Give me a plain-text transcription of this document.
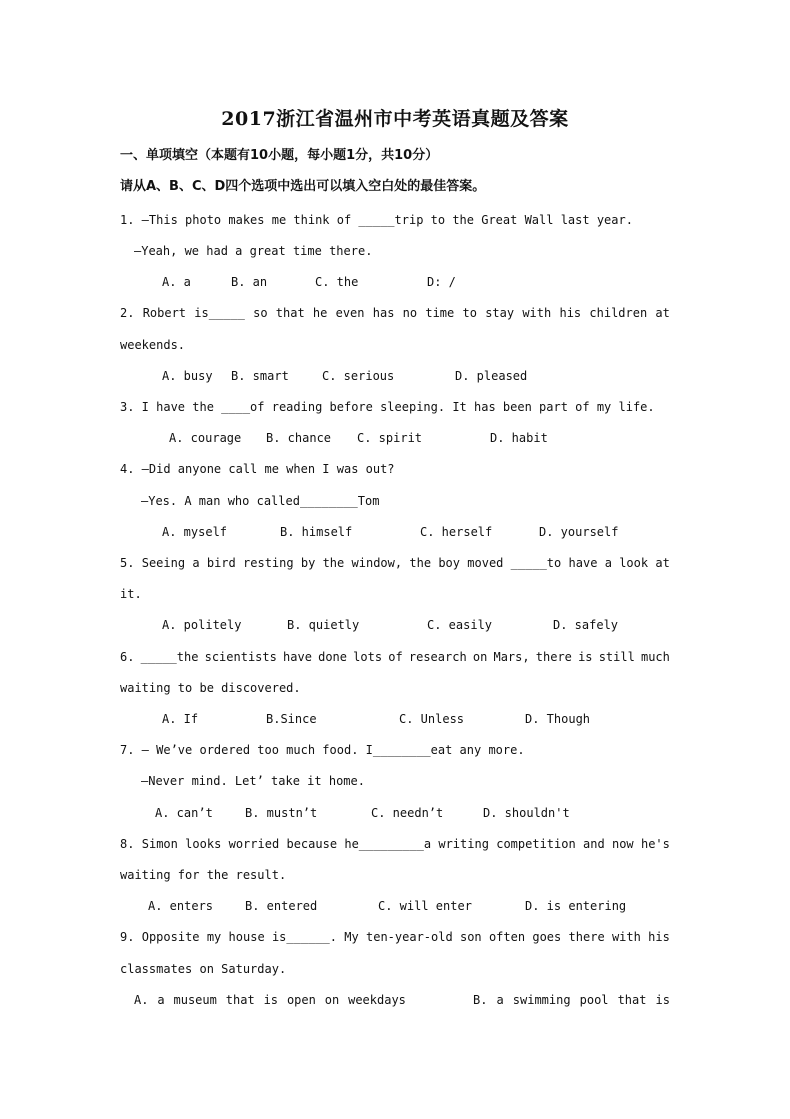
2017浙江省温州市中考英语真题及答案
一、单项填空（本题有10小题，每小题1分，共10分）
请从A、B、C、D四个选项中选出可以填入空白处的最佳答案。
1. —This photo makes me think of _____trip to the Great Wall last year.
—Yeah, we had a great time there.
A. a	B. an	C. the	D: /
2. Robert is_____ so that he even has no time to stay with his children at
weekends.
A. busy B. smart	C. serious	D. pleased
3. I have the ____of reading before sleeping. It has been part of my life.
A. courage B. chance C. spirit	D. habit
4. —Did anyone call me when I was out?
—Yes. A man who called________Tom
A. myself	B. himself	C. herself	D. yourself
5. Seeing a bird resting by the window, the boy moved _____to have a look at
it.
A. politely	B. quietly	C. easily	D. safely
6. _____the scientists have done lots of research on Mars, there is still much
waiting to be discovered.
A. If	B.Since	C. Unless	D. Though
7. — We’ve ordered too much food. I________eat any more.
—Never mind. Let’ take it home.
A. can’t	B. mustn’t	C. needn’t	D. shouldn't
8. Simon looks worried because he_________a writing competition and now he's
waiting for the result.
A. enters	B. entered	C. will enter	D. is entering
9. Opposite my house is______. My ten-year-old son often goes there with his
classmates on Saturday.
A. a museum that is open on weekdays	B. a swimming pool that is
